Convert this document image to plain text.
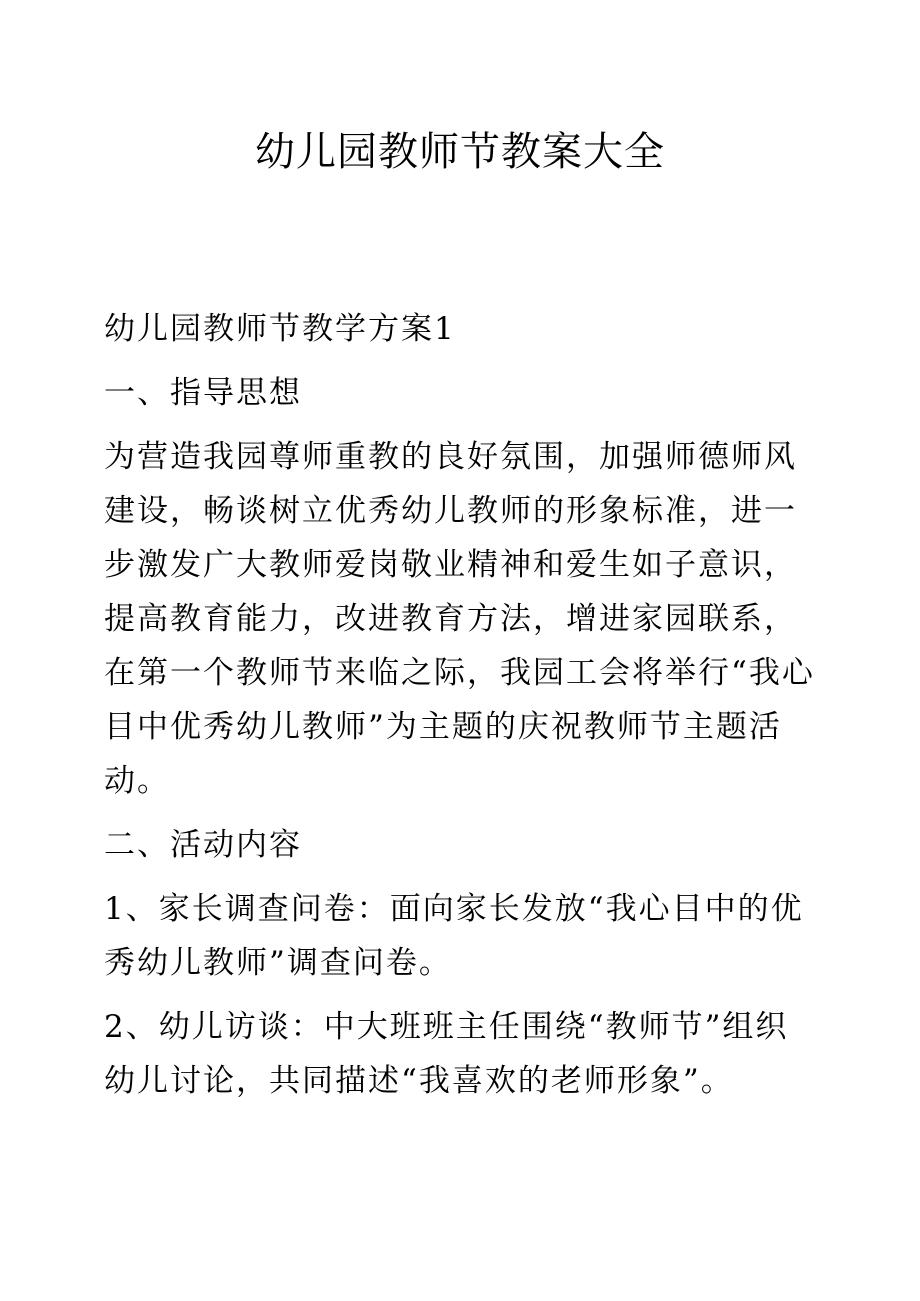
幼儿园教师节教案大全

幼儿园教师节教学方案1

一、指导思想

为营造我园尊师重教的良好氛围，加强师德师风建设，畅谈树立优秀幼儿教师的形象标准，进一步激发广大教师爱岗敬业精神和爱生如子意识，提高教育能力，改进教育方法，增进家园联系，在第一个教师节来临之际，我园工会将举行“我心目中优秀幼儿教师”为主题的庆祝教师节主题活动。

二、活动内容

1、家长调查问卷：面向家长发放“我心目中的优秀幼儿教师”调查问卷。

2、幼儿访谈：中大班班主任围绕“教师节”组织幼儿讨论，共同描述“我喜欢的老师形象”。
